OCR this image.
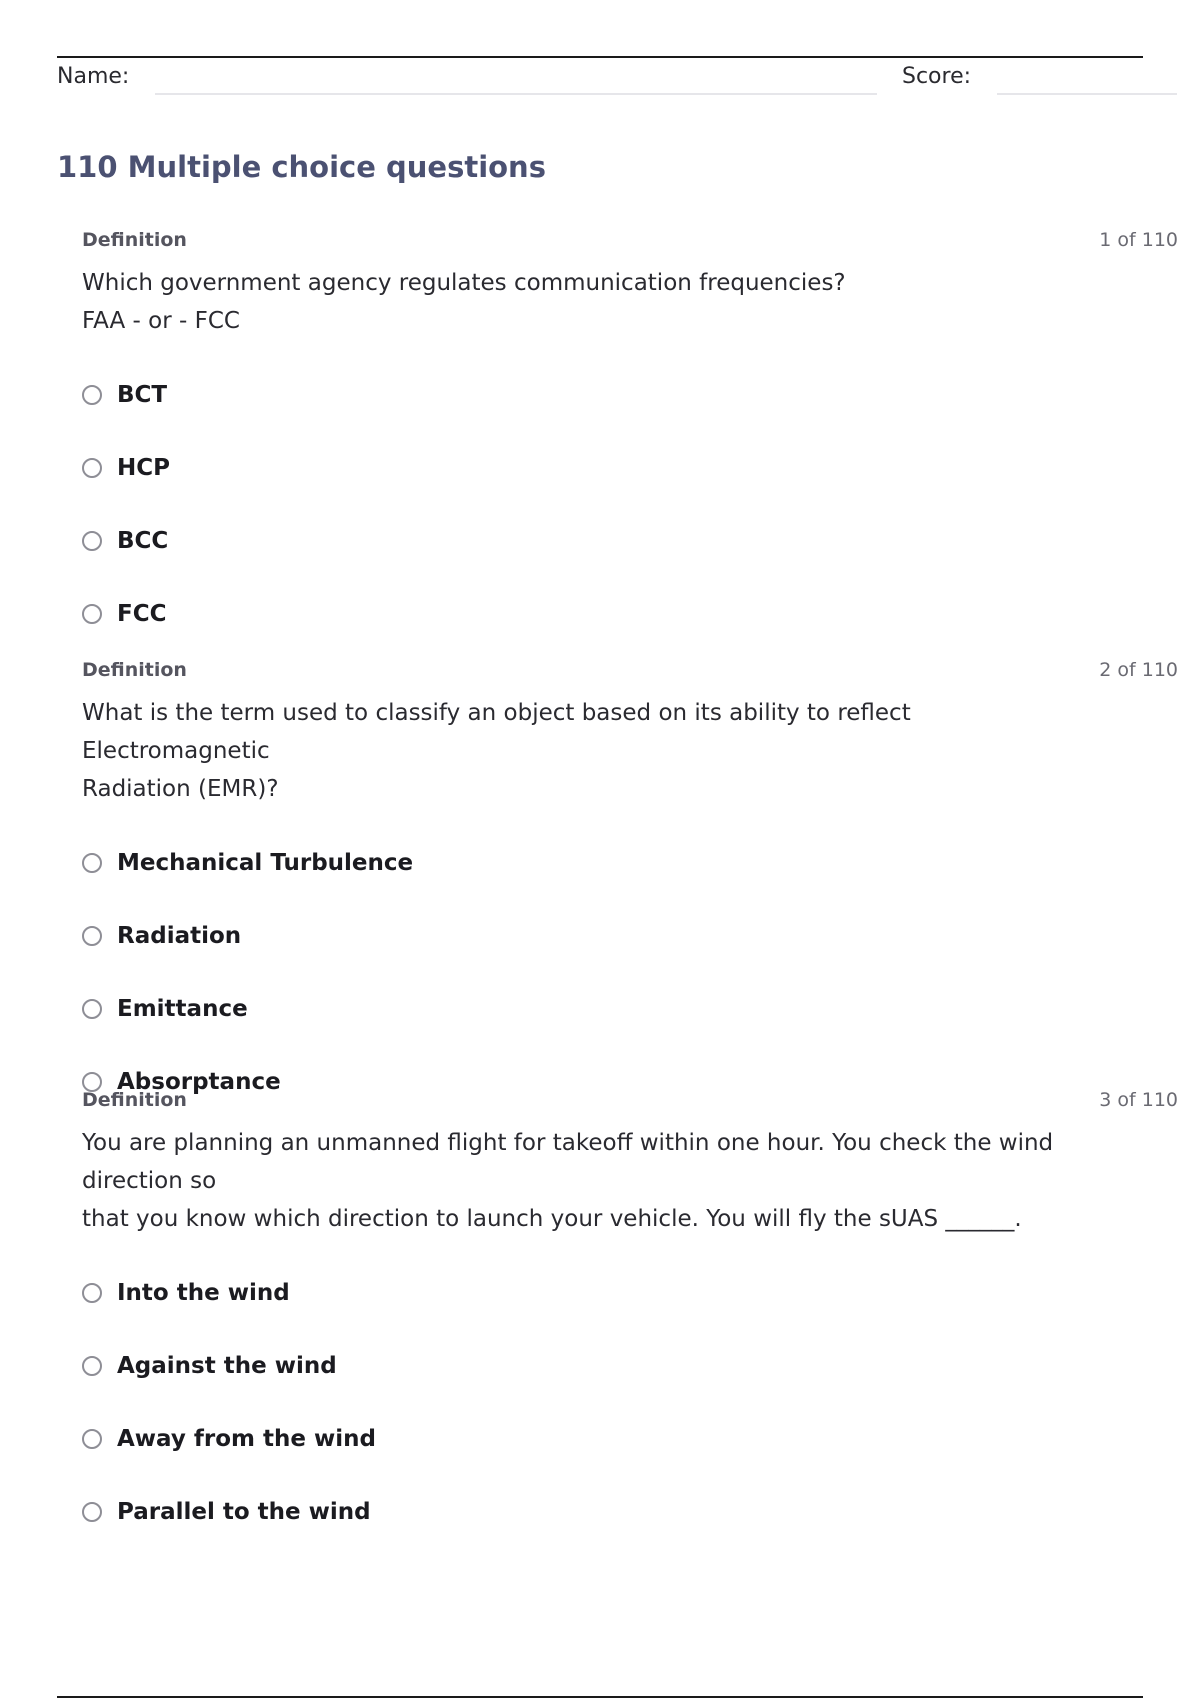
Name:	Score:
110 Multiple choice questions
Definition	1 of 110
Which government agency regulates communication frequencies?
FAA - or - FCC
BCT
HCP
BCC
FCC
Definition	2 of 110
What is the term used to classify an object based on its ability to reflect Electromagnetic
Radiation (EMR)?
Mechanical Turbulence
Radiation
Emittance
Absorptance
Definition	3 of 110
You are planning an unmanned flight for takeoff within one hour. You check the wind direction so
that you know which direction to launch your vehicle. You will fly the sUAS ______.
Into the wind
Against the wind
Away from the wind
Parallel to the wind
